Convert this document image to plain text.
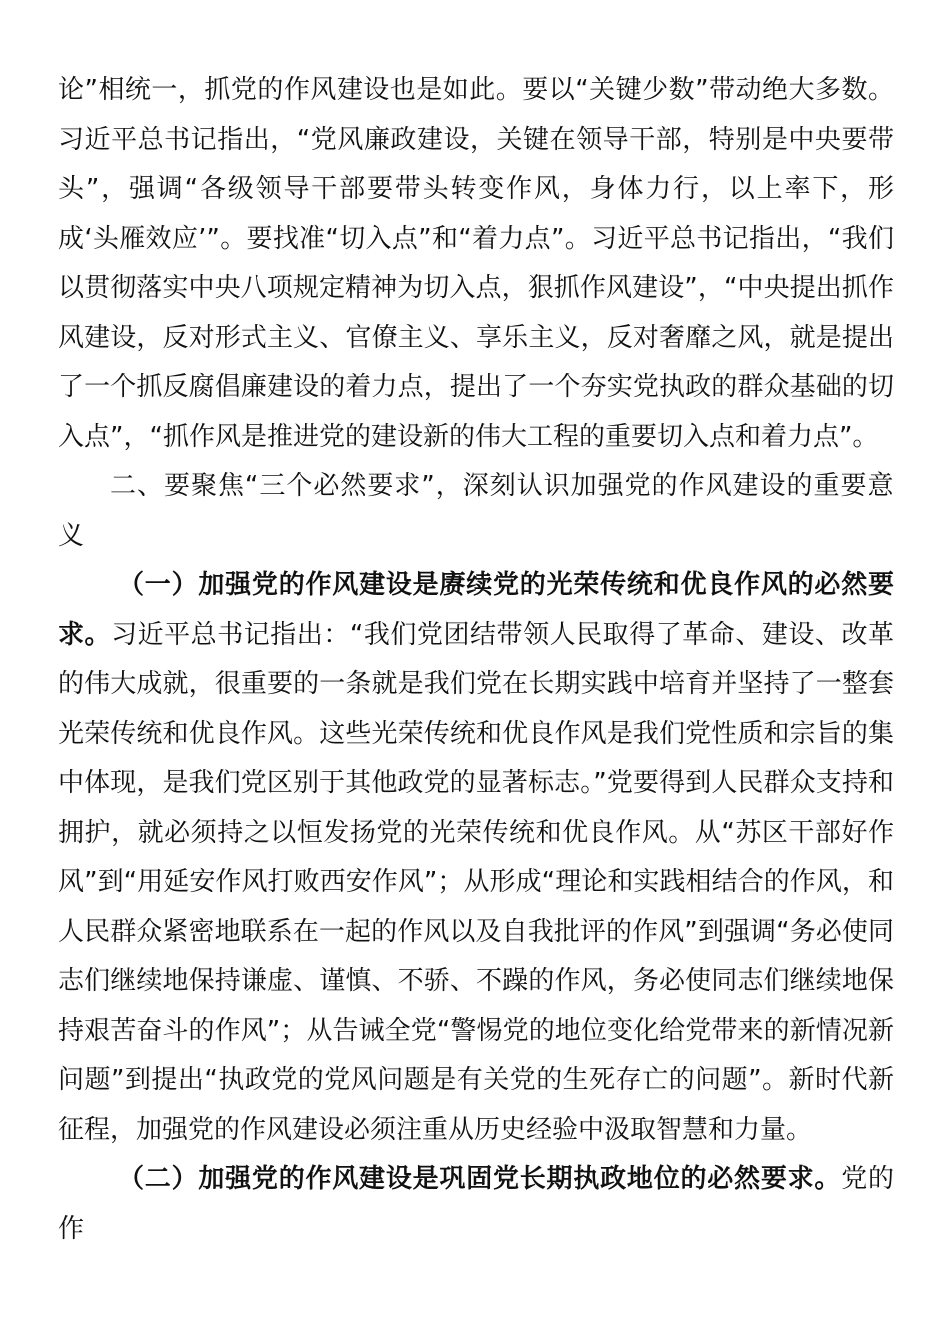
论”相统一，抓党的作风建设也是如此。要以“关键少数”带动绝大多数。习近平总书记指出，“党风廉政建设，关键在领导干部，特别是中央要带头”，强调“各级领导干部要带头转变作风，身体力行，以上率下，形成‘头雁效应’”。要找准“切入点”和“着力点”。习近平总书记指出，“我们以贯彻落实中央八项规定精神为切入点，狠抓作风建设”，“中央提出抓作风建设，反对形式主义、官僚主义、享乐主义，反对奢靡之风，就是提出了一个抓反腐倡廉建设的着力点，提出了一个夯实党执政的群众基础的切入点”，“抓作风是推进党的建设新的伟大工程的重要切入点和着力点”。

二、要聚焦“三个必然要求”，深刻认识加强党的作风建设的重要意义

（一）加强党的作风建设是赓续党的光荣传统和优良作风的必然要求。习近平总书记指出：“我们党团结带领人民取得了革命、建设、改革的伟大成就，很重要的一条就是我们党在长期实践中培育并坚持了一整套光荣传统和优良作风。这些光荣传统和优良作风是我们党性质和宗旨的集中体现，是我们党区别于其他政党的显著标志。”党要得到人民群众支持和拥护，就必须持之以恒发扬党的光荣传统和优良作风。从“苏区干部好作风”到“用延安作风打败西安作风”；从形成“理论和实践相结合的作风，和人民群众紧密地联系在一起的作风以及自我批评的作风”到强调“务必使同志们继续地保持谦虚、谨慎、不骄、不躁的作风，务必使同志们继续地保持艰苦奋斗的作风”；从告诫全党“警惕党的地位变化给党带来的新情况新问题”到提出“执政党的党风问题是有关党的生死存亡的问题”。新时代新征程，加强党的作风建设必须注重从历史经验中汲取智慧和力量。

（二）加强党的作风建设是巩固党长期执政地位的必然要求。党的作
